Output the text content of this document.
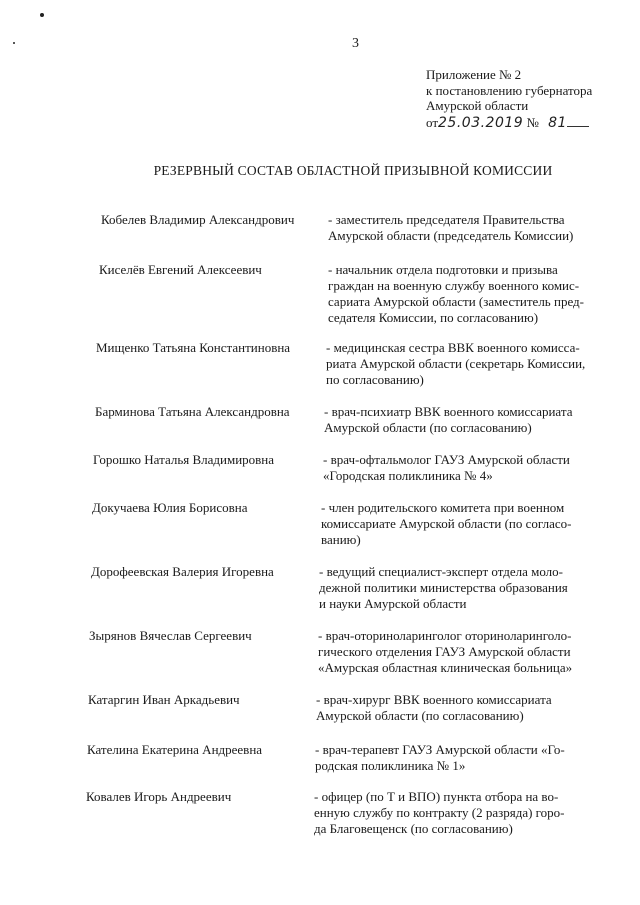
3
Приложение № 2
к постановлению губернатора
Амурской области
от25.03.2019 № 81
РЕЗЕРВНЫЙ СОСТАВ ОБЛАСТНОЙ ПРИЗЫВНОЙ КОМИССИИ
Кобелев Владимир Александрович	- заместитель председателя Правительства
Амурской области (председатель Комиссии)
Киселёв Евгений Алексеевич	- начальник отдела подготовки и призыва
граждан на военную службу военного комис-
сариата Амурской области (заместитель пред-
седателя Комиссии, по согласованию)
Мищенко Татьяна Константиновна	- медицинская сестра ВВК военного комисса-
риата Амурской области (секретарь Комиссии,
по согласованию)
Барминова Татьяна Александровна	- врач-психиатр ВВК военного комиссариата
Амурской области (по согласованию)
Горошко Наталья Владимировна	- врач-офтальмолог ГАУЗ Амурской области
«Городская поликлиника № 4»
Докучаева Юлия Борисовна	- член родительского комитета при военном
комиссариате Амурской области (по согласо-
ванию)
Дорофеевская Валерия Игоревна	- ведущий специалист-эксперт отдела моло-
дежной политики министерства образования
и науки Амурской области
Зырянов Вячеслав Сергеевич	- врач-оториноларинголог оториноларинголо-
гического отделения ГАУЗ Амурской области
«Амурская областная клиническая больница»
Катаргин Иван Аркадьевич	- врач-хирург ВВК военного комиссариата
Амурской области (по согласованию)
Кателина Екатерина Андреевна	- врач-терапевт ГАУЗ Амурской области «Го-
родская поликлиника № 1»
Ковалев Игорь Андреевич	- офицер (по Т и ВПО) пункта отбора на во-
енную службу по контракту (2 разряда) горо-
да Благовещенск (по согласованию)
